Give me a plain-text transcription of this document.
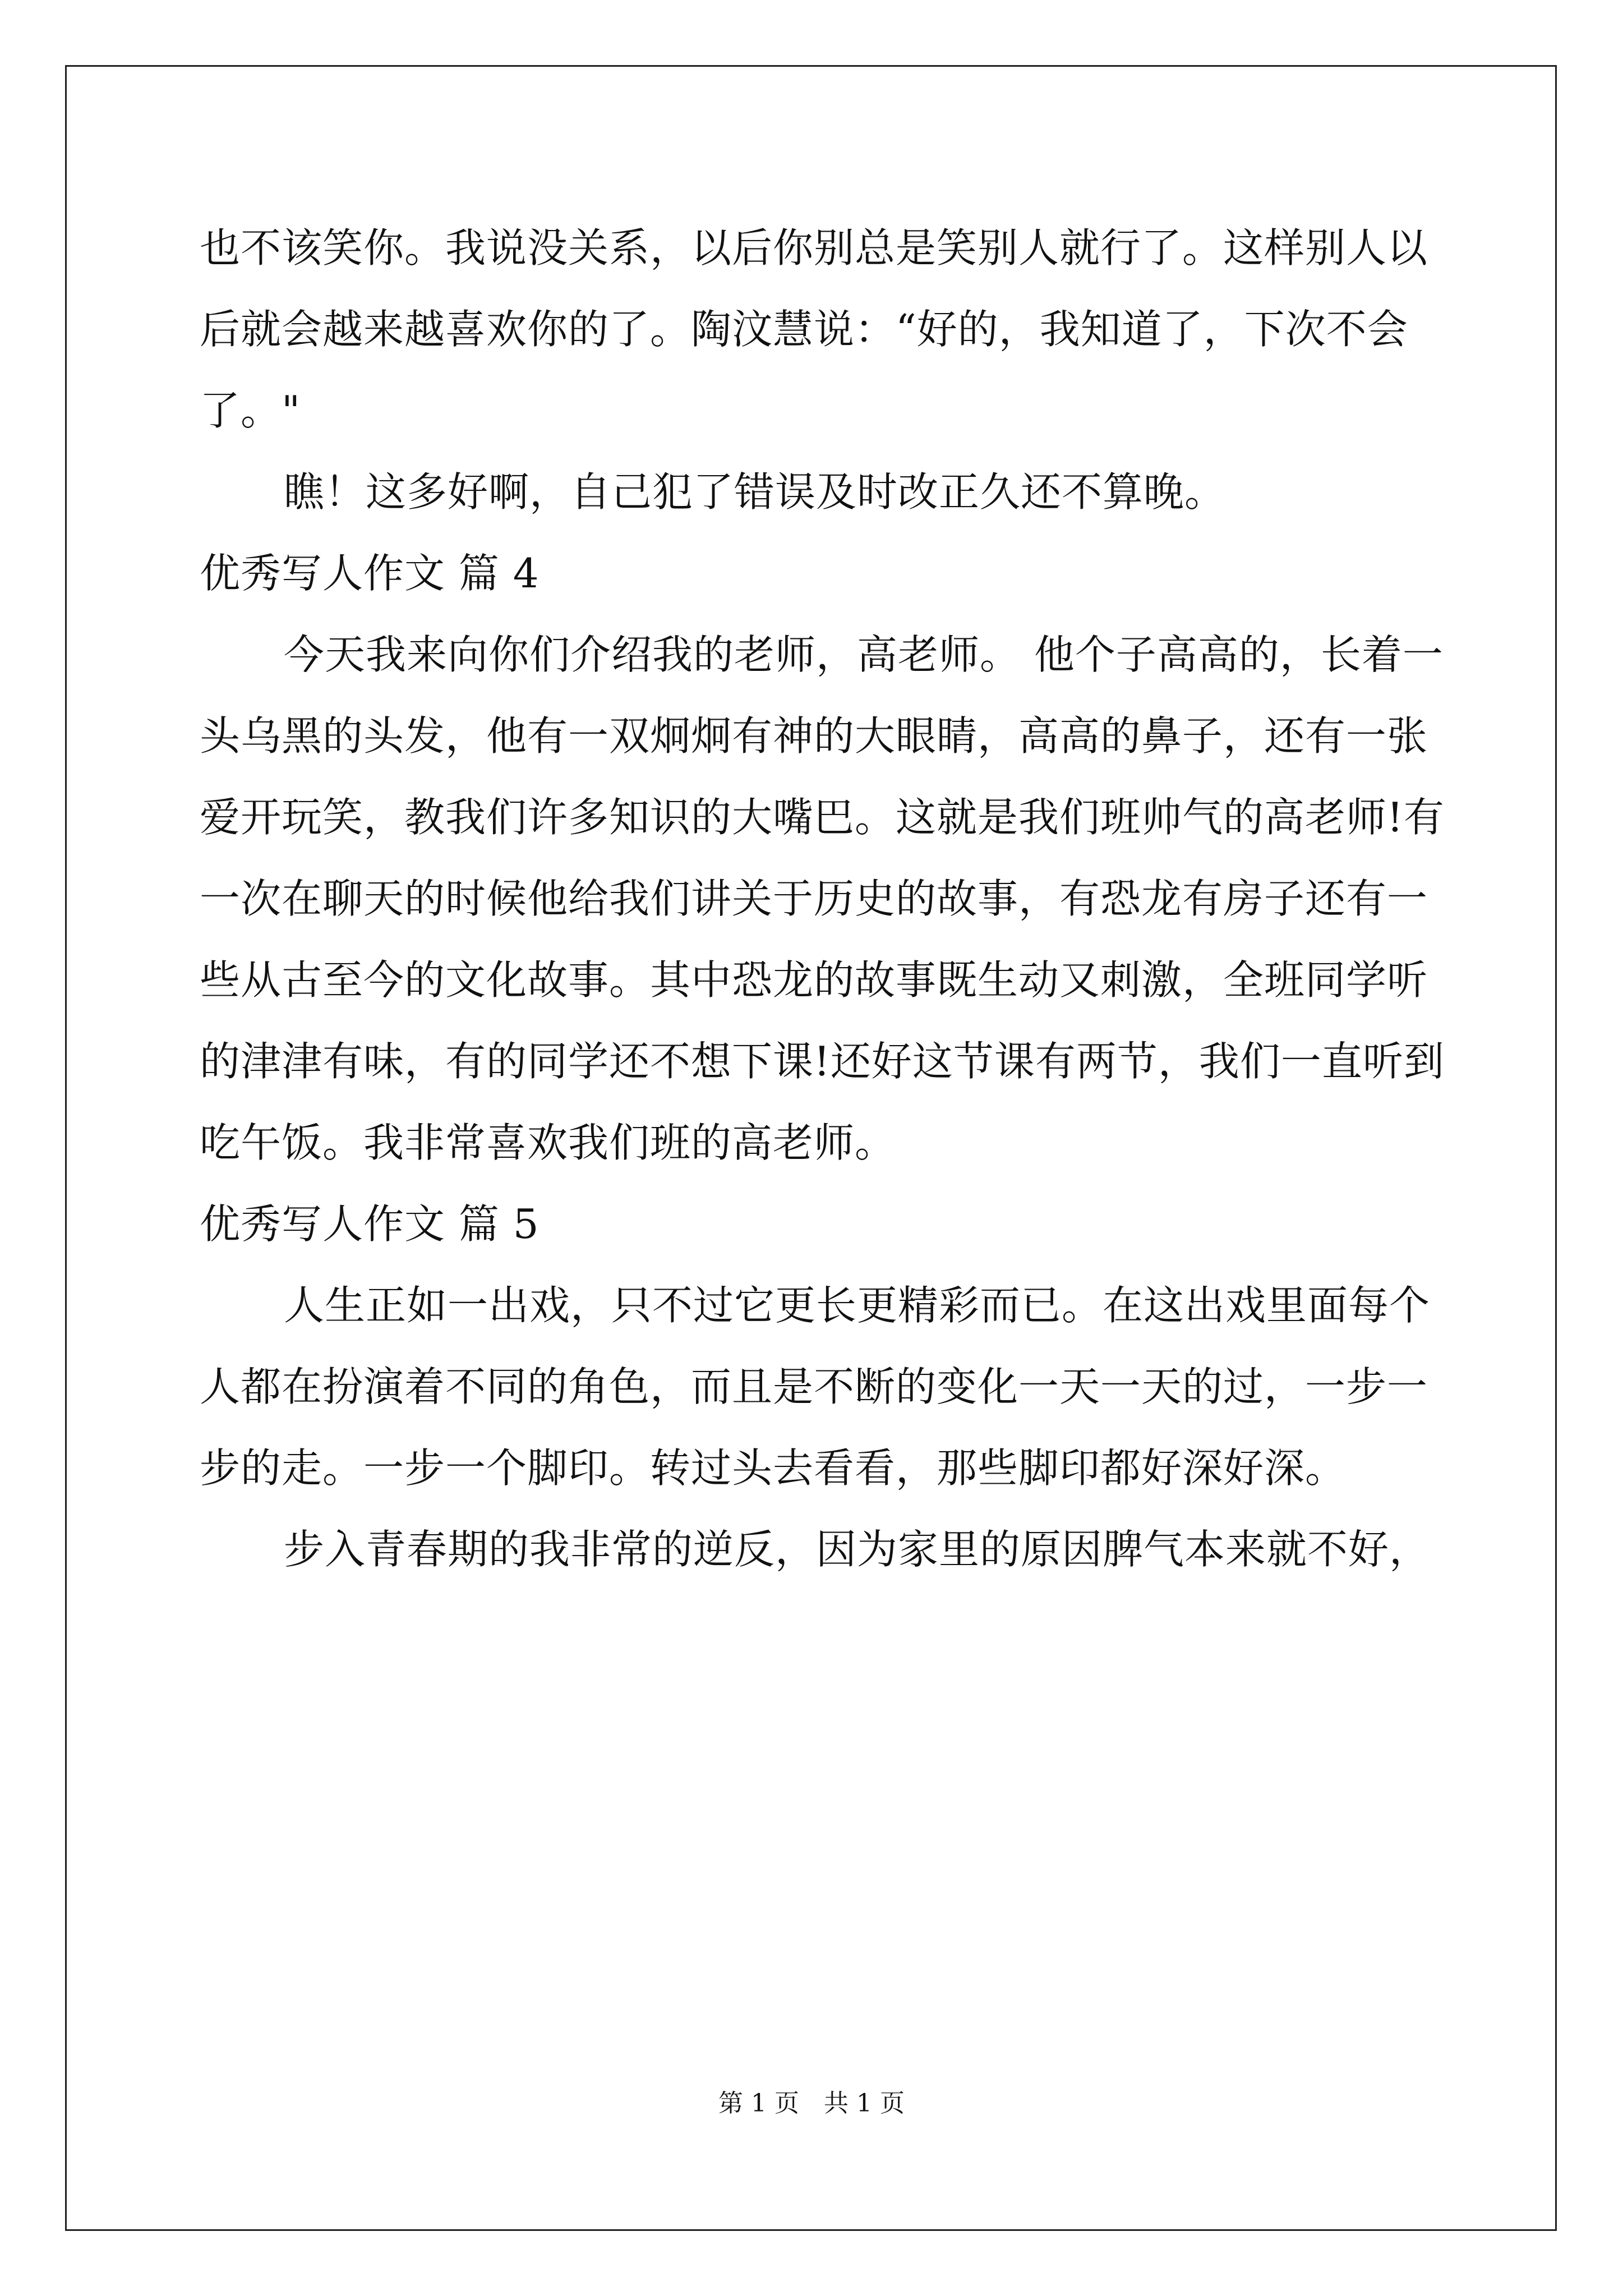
也不该笑你。我说没关系，以后你别总是笑别人就行了。这样别人以
后就会越来越喜欢你的了。陶汶慧说：“好的，我知道了，下次不会
了。"
瞧！这多好啊，自己犯了错误及时改正久还不算晚。
优秀写人作文 篇 4
今天我来向你们介绍我的老师，高老师。 他个子高高的，长着一
头乌黑的头发，他有一双炯炯有神的大眼睛，高高的鼻子，还有一张
爱开玩笑，教我们许多知识的大嘴巴。这就是我们班帅气的高老师!有
一次在聊天的时候他给我们讲关于历史的故事，有恐龙有房子还有一
些从古至今的文化故事。其中恐龙的故事既生动又刺激，全班同学听
的津津有味，有的同学还不想下课!还好这节课有两节，我们一直听到
吃午饭。我非常喜欢我们班的高老师。
优秀写人作文 篇 5
人生正如一出戏，只不过它更长更精彩而已。在这出戏里面每个
人都在扮演着不同的角色，而且是不断的变化一天一天的过，一步一
步的走。一步一个脚印。转过头去看看，那些脚印都好深好深。
步入青春期的我非常的逆反，因为家里的原因脾气本来就不好，
第 1 页　共 1 页
